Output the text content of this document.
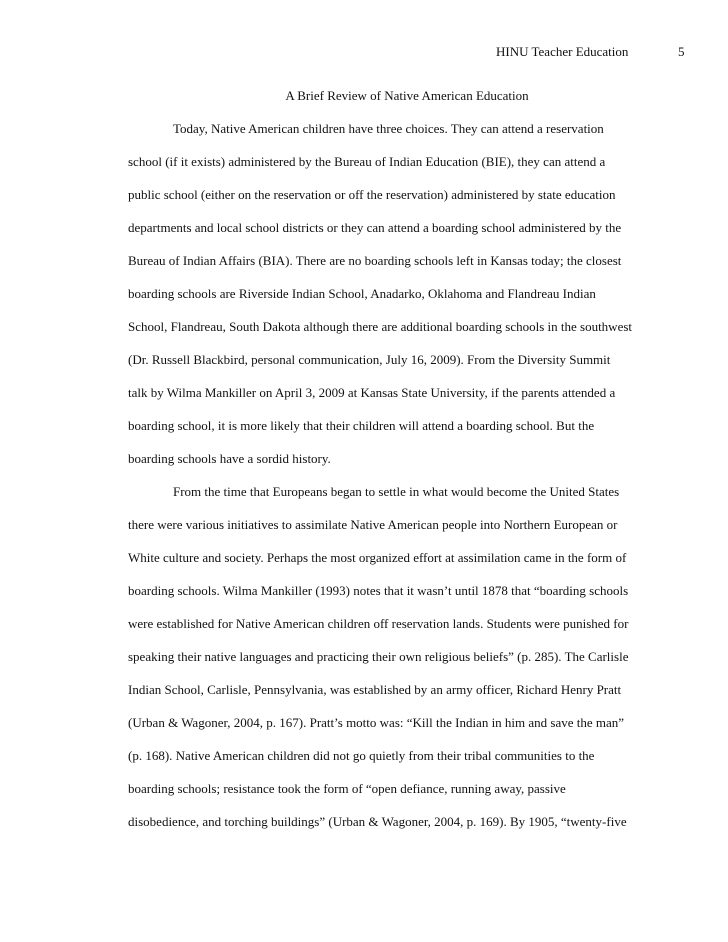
HINU Teacher Education	5
A Brief Review of Native American Education
Today, Native American children have three choices. They can attend a reservation
school (if it exists) administered by the Bureau of Indian Education (BIE), they can attend a
public school (either on the reservation or off the reservation) administered by state education
departments and local school districts or they can attend a boarding school administered by the
Bureau of Indian Affairs (BIA). There are no boarding schools left in Kansas today; the closest
boarding schools are Riverside Indian School, Anadarko, Oklahoma and Flandreau Indian
School, Flandreau, South Dakota although there are additional boarding schools in the southwest
(Dr. Russell Blackbird, personal communication, July 16, 2009). From the Diversity Summit
talk by Wilma Mankiller on April 3, 2009 at Kansas State University, if the parents attended a
boarding school, it is more likely that their children will attend a boarding school. But the
boarding schools have a sordid history.
From the time that Europeans began to settle in what would become the United States
there were various initiatives to assimilate Native American people into Northern European or
White culture and society. Perhaps the most organized effort at assimilation came in the form of
boarding schools. Wilma Mankiller (1993) notes that it wasn’t until 1878 that “boarding schools
were established for Native American children off reservation lands. Students were punished for
speaking their native languages and practicing their own religious beliefs” (p. 285). The Carlisle
Indian School, Carlisle, Pennsylvania, was established by an army officer, Richard Henry Pratt
(Urban & Wagoner, 2004, p. 167). Pratt’s motto was: “Kill the Indian in him and save the man”
(p. 168). Native American children did not go quietly from their tribal communities to the
boarding schools; resistance took the form of “open defiance, running away, passive
disobedience, and torching buildings” (Urban & Wagoner, 2004, p. 169). By 1905, “twenty-five
